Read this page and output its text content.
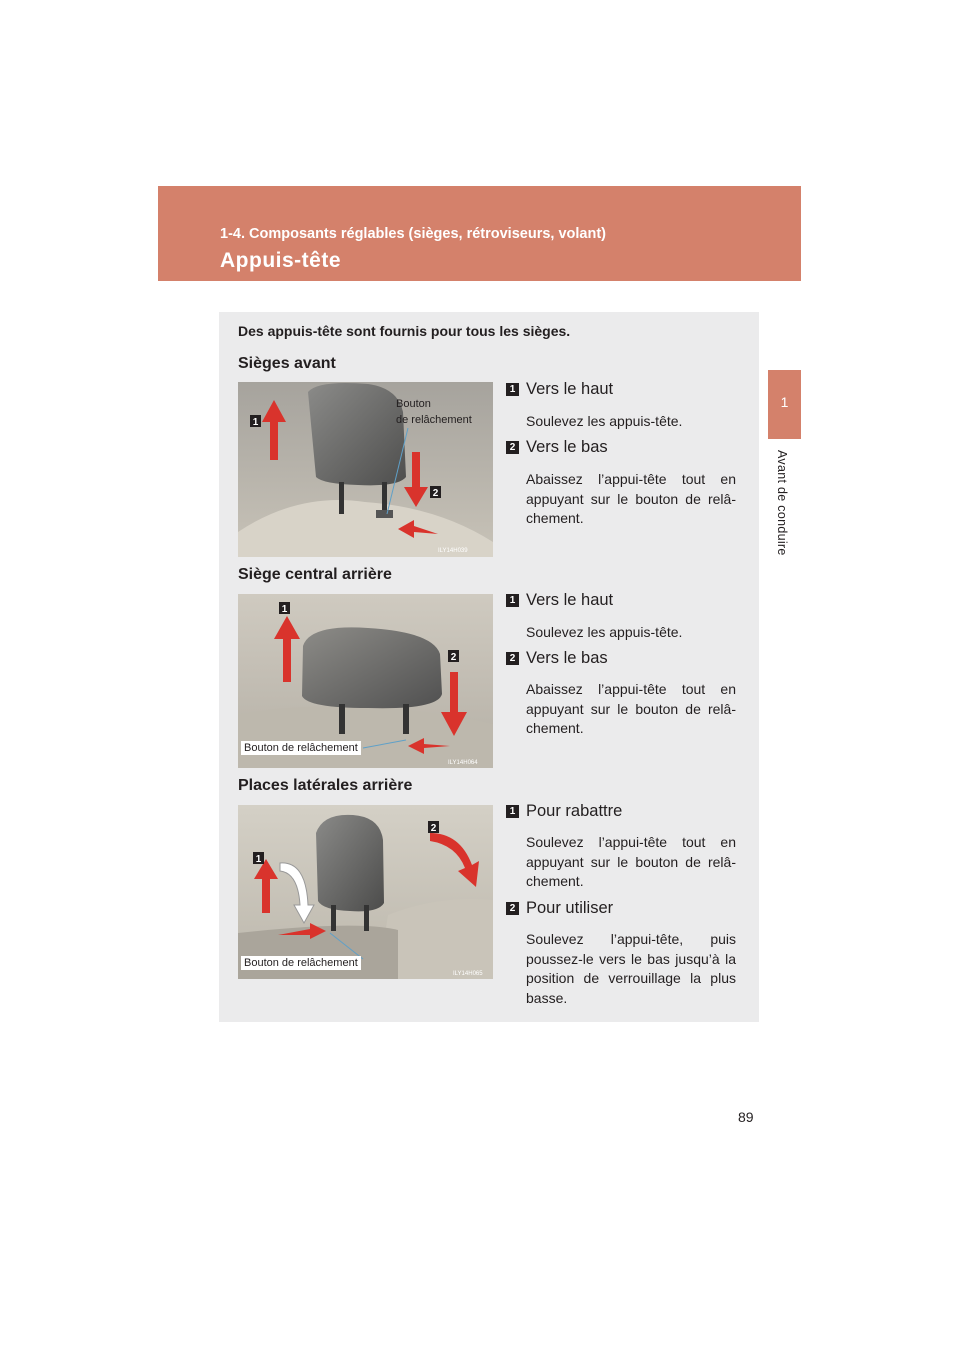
1-4. Composants réglables (sièges, rétroviseurs, volant)
Appuis-tête
1
Avant de conduire
Des appuis-tête sont fournis pour tous les sièges.
Sièges avant
1
2
ILY14H039
Bouton
de relâchement
1 Vers le haut
Soulevez les appuis-tête.
2 Vers le bas
Abaissez l’appui-tête tout en appuyant sur le bouton de relâ-chement.
Siège central arrière
1
2
ILY14H064
Bouton de relâchement
1 Vers le haut
Soulevez les appuis-tête.
2 Vers le bas
Abaissez l’appui-tête tout en appuyant sur le bouton de relâ-chement.
Places latérales arrière
1
2
ILY14H065
Bouton de relâchement
1 Pour rabattre
Soulevez l’appui-tête tout en appuyant sur le bouton de relâ-chement.
2 Pour utiliser
Soulevez l’appui-tête, puis poussez-le vers le bas jusqu’à la position de verrouillage la plus basse.
89
